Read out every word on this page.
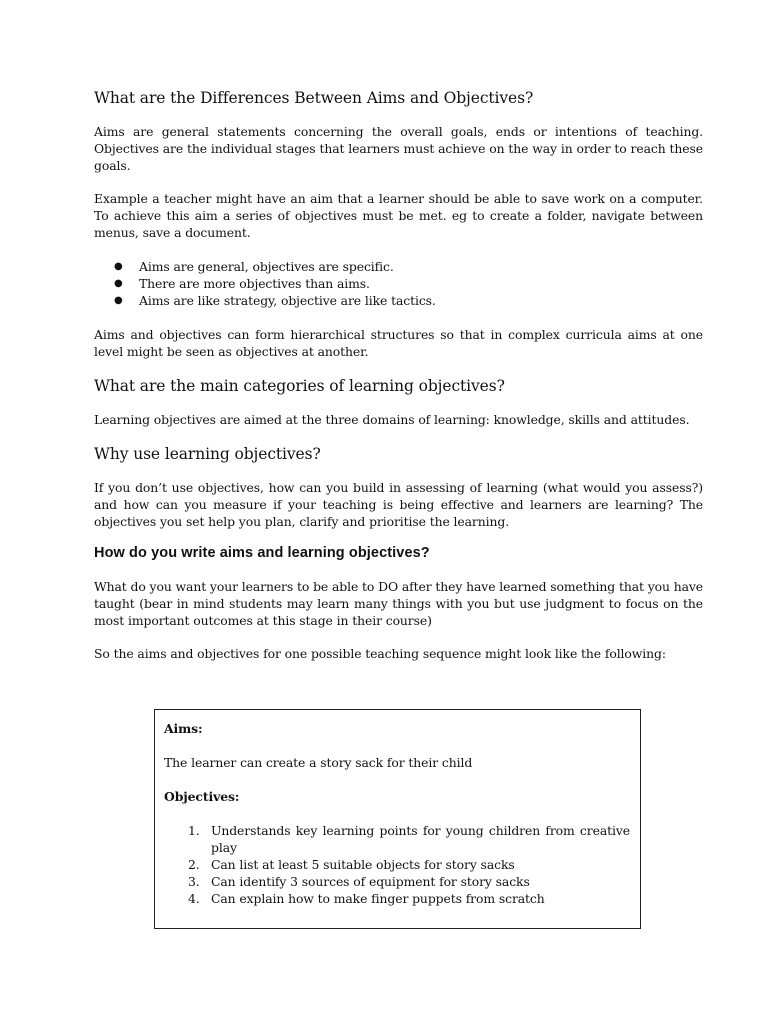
What are the Differences Between Aims and Objectives?

Aims are general statements concerning the overall goals, ends or intentions of teaching. Objectives are the individual stages that learners must achieve on the way in order to reach these goals.

Example a teacher might have an aim that a learner should be able to save work on a computer. To achieve this aim a series of objectives must be met. eg to create a folder, navigate between menus, save a document.

● Aims are general, objectives are specific.
● There are more objectives than aims.
● Aims are like strategy, objective are like tactics.

Aims and objectives can form hierarchical structures so that in complex curricula aims at one level might be seen as objectives at another.

What are the main categories of learning objectives?

Learning objectives are aimed at the three domains of learning: knowledge, skills and attitudes.

Why use learning objectives?

If you don’t use objectives, how can you build in assessing of learning (what would you assess?) and how can you measure if your teaching is being effective and learners are learning? The objectives you set help you plan, clarify and prioritise the learning.

How do you write aims and learning objectives?

What do you want your learners to be able to DO after they have learned something that you have taught (bear in mind students may learn many things with you but use judgment to focus on the most important outcomes at this stage in their course)

So the aims and objectives for one possible teaching sequence might look like the following:

Aims:

The learner can create a story sack for their child

Objectives:
1. Understands key learning points for young children from creative play
2. Can list at least 5 suitable objects for story sacks
3. Can identify 3 sources of equipment for story sacks
4. Can explain how to make finger puppets from scratch
